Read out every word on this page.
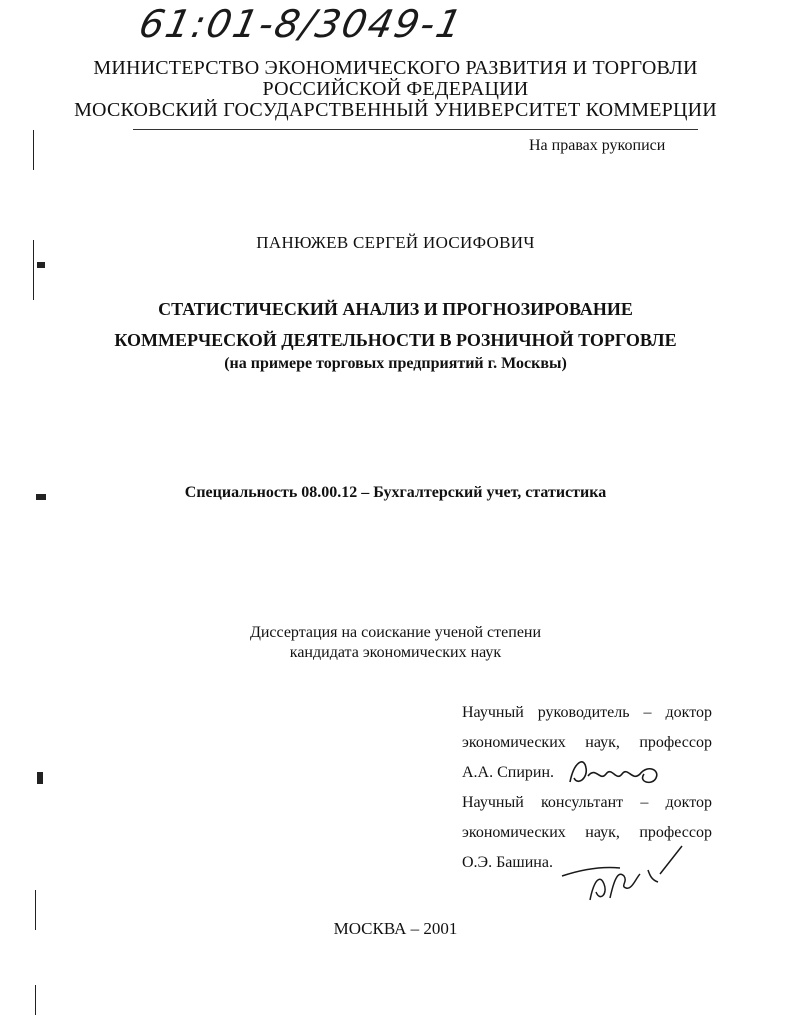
61:01-8/3049-1
МИНИСТЕРСТВО ЭКОНОМИЧЕСКОГО РАЗВИТИЯ И ТОРГОВЛИ
РОССИЙСКОЙ ФЕДЕРАЦИИ
МОСКОВСКИЙ ГОСУДАРСТВЕННЫЙ УНИВЕРСИТЕТ КОММЕРЦИИ
На правах рукописи
ПАНЮЖЕВ СЕРГЕЙ ИОСИФОВИЧ
СТАТИСТИЧЕСКИЙ АНАЛИЗ И ПРОГНОЗИРОВАНИЕ
КОММЕРЧЕСКОЙ ДЕЯТЕЛЬНОСТИ В РОЗНИЧНОЙ ТОРГОВЛЕ
(на примере торговых предприятий г. Москвы)
Специальность 08.00.12 – Бухгалтерский учет, статистика
Диссертация на соискание ученой степени
кандидата экономических наук
Научный руководитель – доктор
экономических наук, профессор
А.А. Спирин.
Научный консультант – доктор
экономических наук, профессор
О.Э. Башина.
МОСКВА – 2001
